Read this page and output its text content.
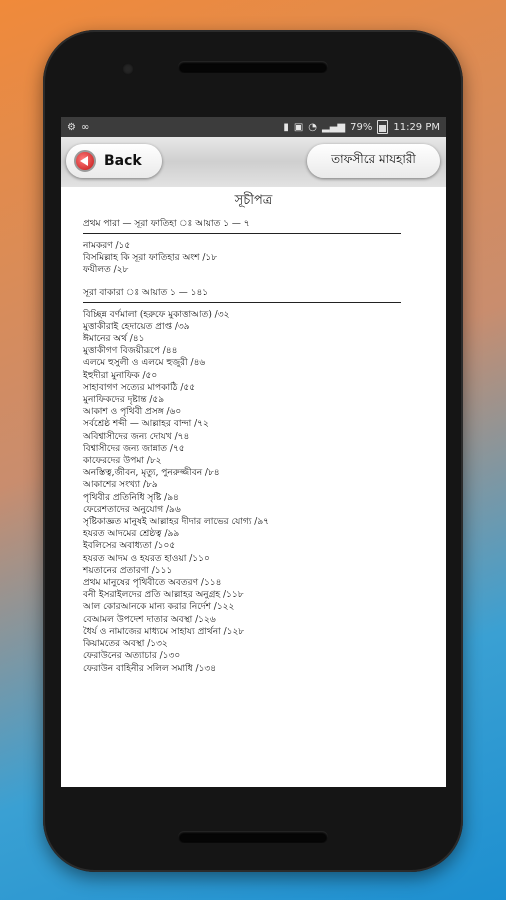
⚙ ∞	▮ ▣ ◔ ▂▄▆ 79% 11:29 PM
Back	তাফসীরে মাযহারী
সূচীপত্র
প্রথম পারা — সূরা ফাতিহা ঃ আয়াত ১ — ৭
নামকরণ /১৫
বিসমিল্লাহ কি সূরা ফাতিহার অংশ /১৮
ফযীলত /২৮
সূরা বাকারা ঃ আয়াত ১ — ১৪১
বিচ্ছিন্ন বর্ণমালা (হরুফে মুকাত্তাআত) /৩২
মুত্তাকীরাই হেদায়েত প্রাপ্ত /৩৯
ঈমানের অর্থ /৪১
মুত্তাকীগণ বিজয়ীরূপে /৪৪
এলমে হুসুলী ও এলমে হুজুরী /৪৬
ইহুদীরা মুনাফিক /৫০
সাহাবাগণ সত্যের মাপকাঠি /৫৫
মুনাফিকদের দৃষ্টান্ত /৫৯
আকাশ ও পৃথিবী প্রসঙ্গ /৬০
সর্বশ্রেষ্ঠ শব্দী — আল্লাহর বান্দা /৭২
অবিশ্বাসীদের জন্য দোযখ /৭৪
বিশ্বাসীদের জন্য জান্নাত /৭৫
কাফেরদের উপমা /৮২
অনস্তিত্ব,জীবন, মৃত্যু, পুনরুজ্জীবন /৮৪
আকাশের সংখ্যা /৮৯
পৃথিবীর প্রতিনিধি সৃষ্টি /৯৪
ফেরেশতাদের অনুযোগ /৯৬
সৃষ্টিকাজ্ঞত মানুষই আল্লাহর দীদার লাভের যোগ্য /৯৭
হযরত আদমের শ্রেষ্ঠত্ব /৯৯
ইবলিসের অবাধ্যতা /১০৫
হযরত আদম ও হযরত হাওয়া /১১০
শয়তানের প্রতারণা /১১১
প্রথম মানুষের পৃথিবীতে অবতরণ /১১৪
বনী ইসরাইলদের প্রতি আল্লাহর অনুগ্রহ /১১৮
আল কোরআনকে মান্য করার নির্দেশ /১২২
বেআমল উপদেশ দাতার অবস্থা /১২৬
ধৈর্য ও নামাজের মাধ্যমে সাহায্য প্রার্থনা /১২৮
কিয়ামতের অবস্থা /১৩২
ফেরাউনের অত্যাচার /১৩০
ফেরাউন বাহিনীর সলিল সমাধি /১৩৪
